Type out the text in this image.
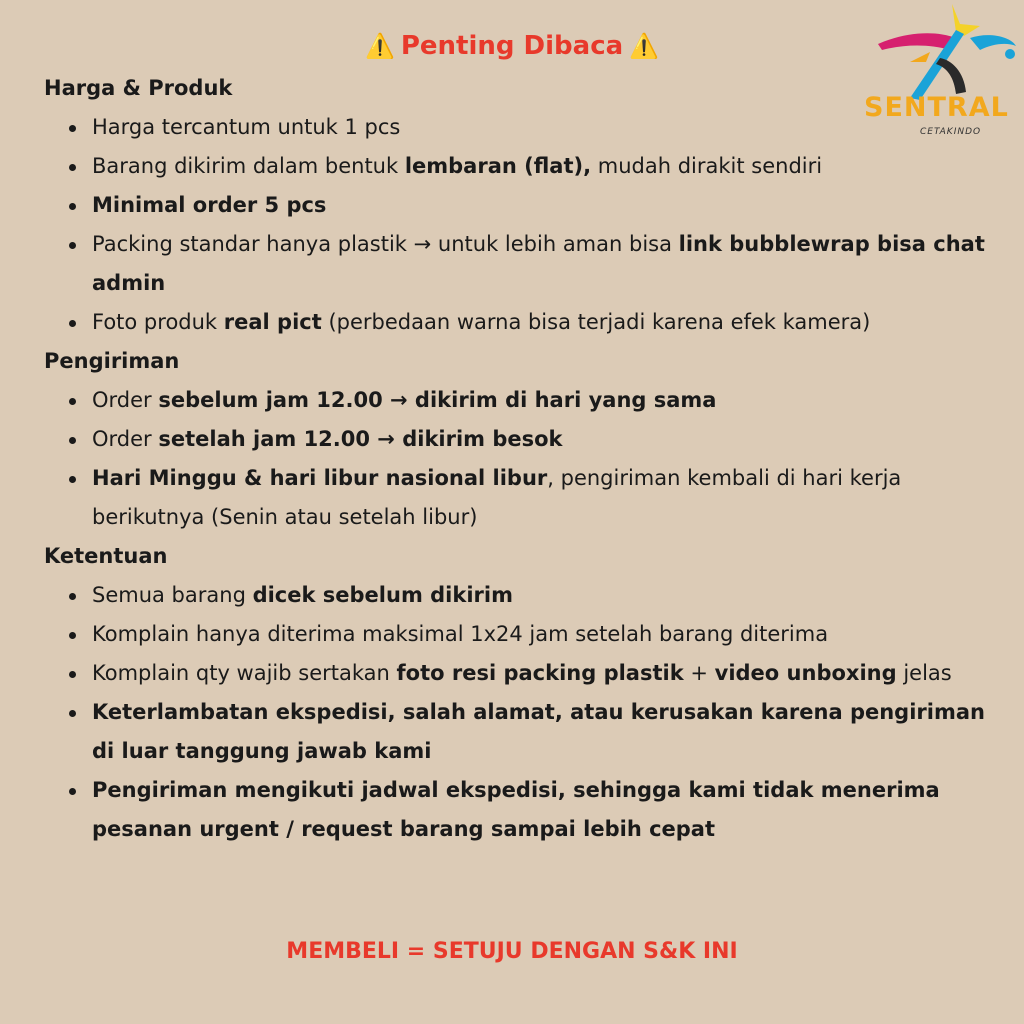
⚠️ Penting Dibaca ⚠️
SENTRAL
CETAKINDO
Harga & Produk
Harga tercantum untuk 1 pcs
Barang dikirim dalam bentuk lembaran (flat), mudah dirakit sendiri
Minimal order 5 pcs
Packing standar hanya plastik → untuk lebih aman bisa link bubblewrap bisa chat admin
Foto produk real pict (perbedaan warna bisa terjadi karena efek kamera)
Pengiriman
Order sebelum jam 12.00 → dikirim di hari yang sama
Order setelah jam 12.00 → dikirim besok
Hari Minggu & hari libur nasional libur, pengiriman kembali di hari kerja berikutnya (Senin atau setelah libur)
Ketentuan
Semua barang dicek sebelum dikirim
Komplain hanya diterima maksimal 1x24 jam setelah barang diterima
Komplain qty wajib sertakan foto resi packing plastik + video unboxing jelas
Keterlambatan ekspedisi, salah alamat, atau kerusakan karena pengiriman di luar tanggung jawab kami
Pengiriman mengikuti jadwal ekspedisi, sehingga kami tidak menerima pesanan urgent / request barang sampai lebih cepat
MEMBELI = SETUJU DENGAN S&K INI
